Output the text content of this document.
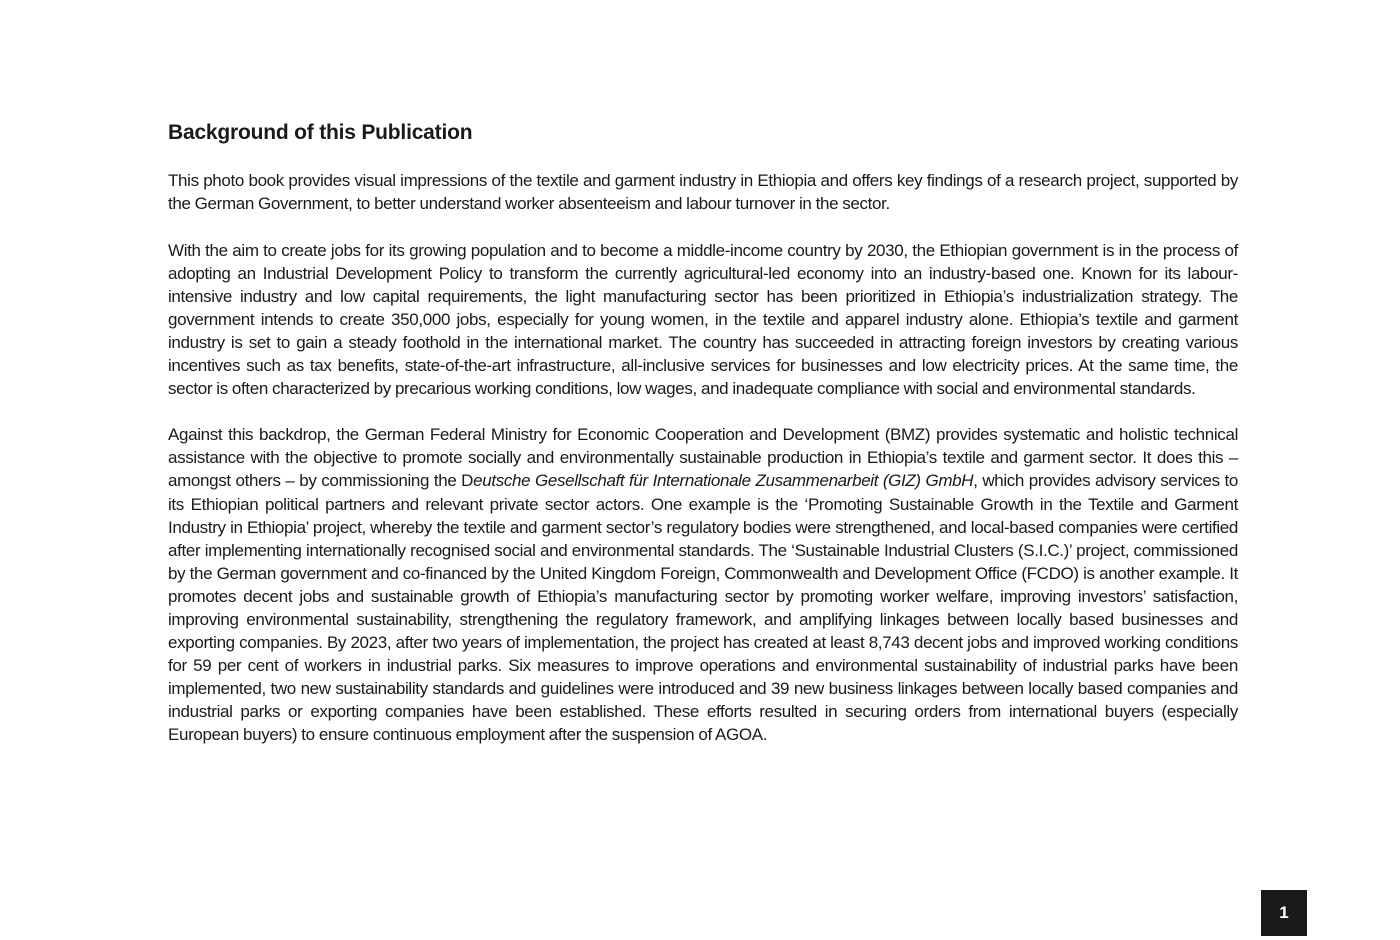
Background of this Publication

This photo book provides visual impressions of the textile and garment industry in Ethiopia and offers key findings of a research project, supported by the German Government, to better understand worker absenteeism and labour turnover in the sector.

With the aim to create jobs for its growing population and to become a middle-income country by 2030, the Ethiopian government is in the process of adopting an Industrial Development Policy to transform the currently agricultural-led economy into an industry-based one. Known for its labour-intensive industry and low capital requirements, the light manufacturing sector has been prioritized in Ethiopia’s industrialization strategy. The government intends to create 350,000 jobs, especially for young women, in the textile and apparel industry alone. Ethiopia’s textile and garment industry is set to gain a steady foothold in the international market. The country has succeeded in attracting foreign investors by creating various incentives such as tax benefits, state-of-the-art infrastructure, all-inclusive services for businesses and low electricity prices. At the same time, the sector is often characterized by precarious working conditions, low wages, and inadequate compliance with social and environmental standards.

Against this backdrop, the German Federal Ministry for Economic Cooperation and Development (BMZ) provides systematic and holistic technical assistance with the objective to promote socially and environmentally sustainable production in Ethiopia’s textile and garment sector. It does this – amongst others – by commissioning the Deutsche Gesellschaft für Internationale Zusammenarbeit (GIZ) GmbH, which provides advisory services to its Ethiopian political partners and relevant private sector actors. One example is the ‘Promoting Sustainable Growth in the Textile and Garment Industry in Ethiopia’ project, whereby the textile and garment sector’s regulatory bodies were strengthened, and local-based companies were certified after implementing internationally recognised social and environmental standards. The ‘Sustainable Industrial Clusters (S.I.C.)’ project, commissioned by the German government and co-financed by the United Kingdom Foreign, Commonwealth and Development Office (FCDO) is another example. It promotes decent jobs and sustainable growth of Ethiopia’s manufacturing sector by promoting worker welfare, improving investors’ satisfaction, improving environmental sustainability, strengthening the regulatory framework, and amplifying linkages between locally based businesses and exporting companies. By 2023, after two years of implementation, the project has created at least 8,743 decent jobs and improved working conditions for 59 per cent of workers in industrial parks. Six measures to improve operations and environmental sustainability of industrial parks have been implemented, two new sustainability standards and guidelines were introduced and 39 new business linkages between locally based companies and industrial parks or exporting companies have been established. These efforts resulted in securing orders from international buyers (especially European buyers) to ensure continuous employment after the suspension of AGOA.

1
